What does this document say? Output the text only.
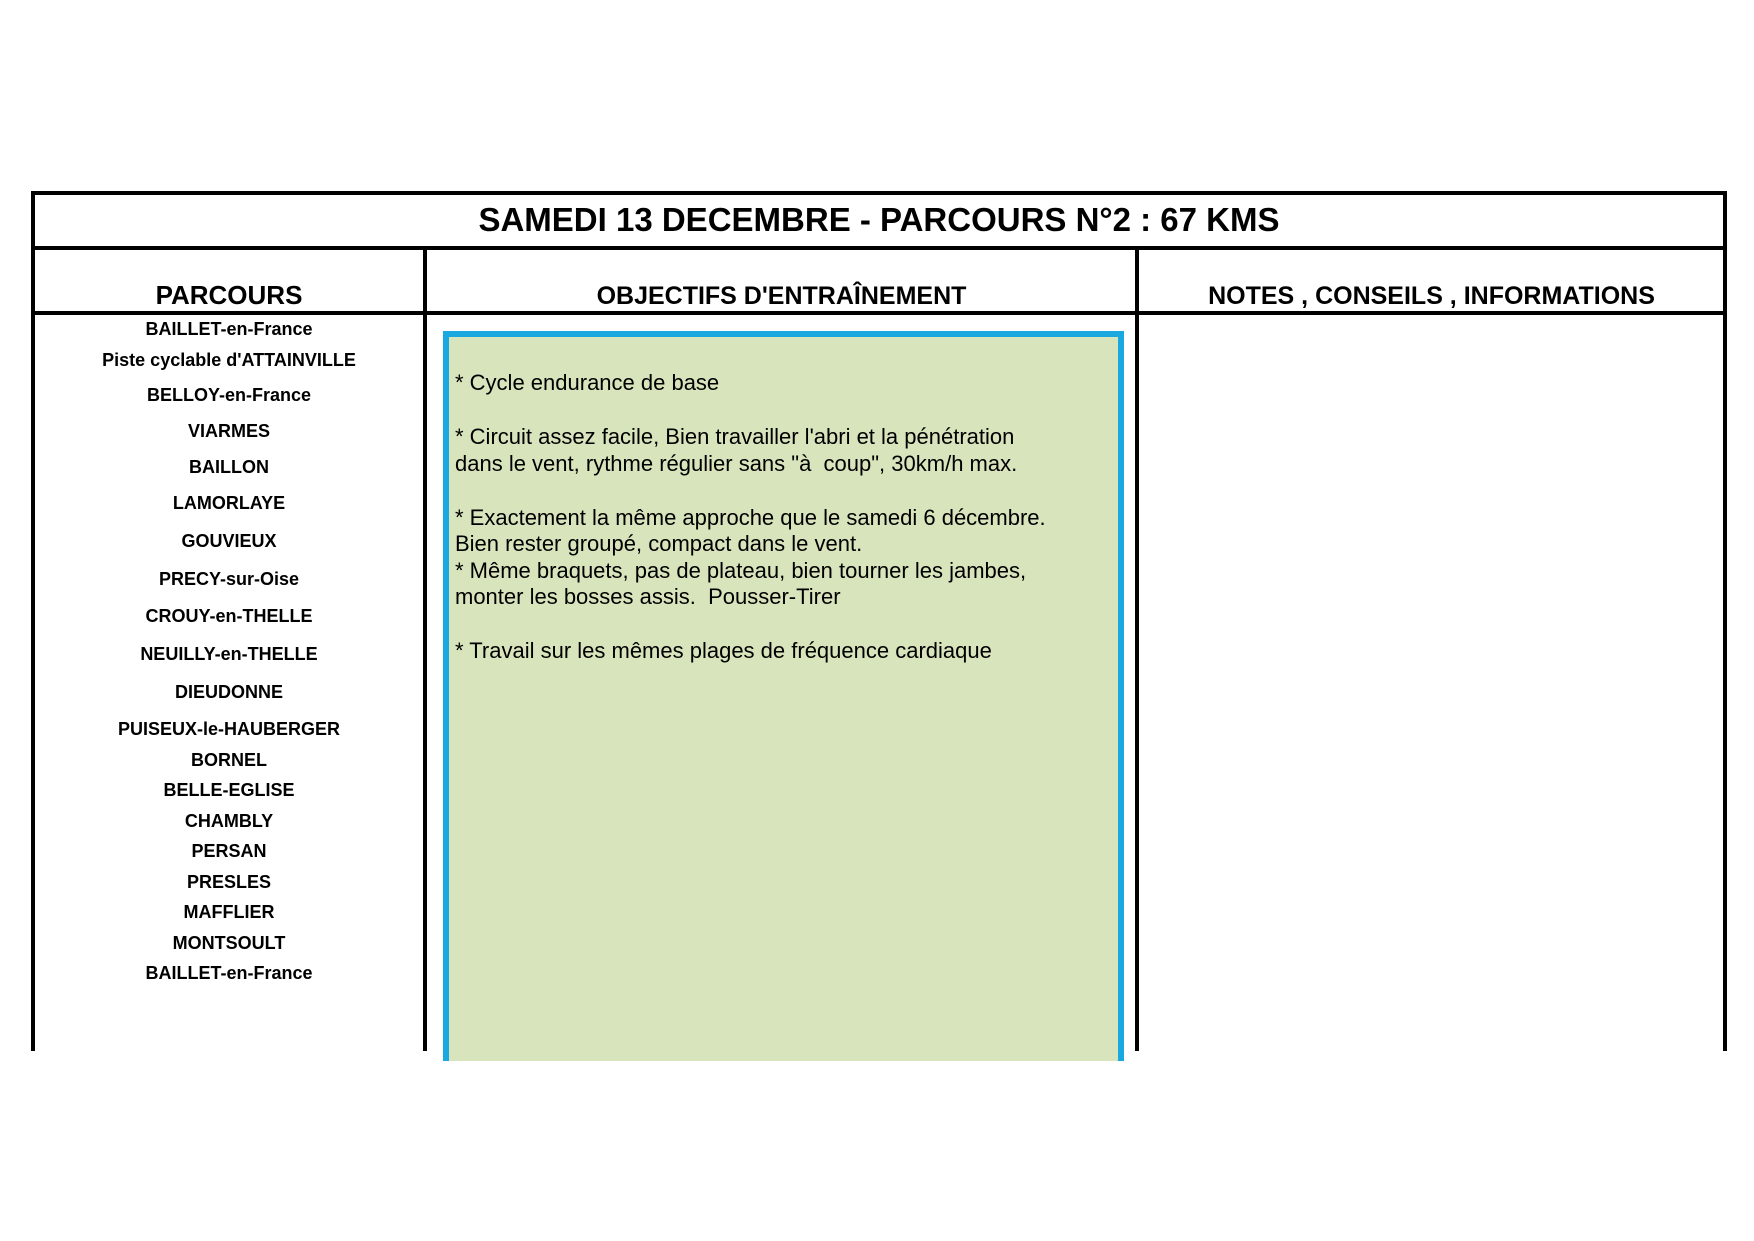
SAMEDI 13 DECEMBRE - PARCOURS N°2 : 67 KMS
PARCOURS	OBJECTIFS D'ENTRAÎNEMENT	NOTES , CONSEILS , INFORMATIONS
BAILLET-en-France
Piste cyclable d'ATTAINVILLE
BELLOY-en-France
VIARMES
BAILLON
LAMORLAYE
GOUVIEUX
PRECY-sur-Oise
CROUY-en-THELLE
NEUILLY-en-THELLE
DIEUDONNE
PUISEUX-le-HAUBERGER
BORNEL
BELLE-EGLISE
CHAMBLY
PERSAN
PRESLES
MAFFLIER
MONTSOULT
BAILLET-en-France
* Cycle endurance de base
* Circuit assez facile, Bien travailler l'abri et la pénétration
dans le vent, rythme régulier sans "à  coup", 30km/h max.
* Exactement la même approche que le samedi 6 décembre.
Bien rester groupé, compact dans le vent.
* Même braquets, pas de plateau, bien tourner les jambes,
monter les bosses assis.  Pousser-Tirer
* Travail sur les mêmes plages de fréquence cardiaque
